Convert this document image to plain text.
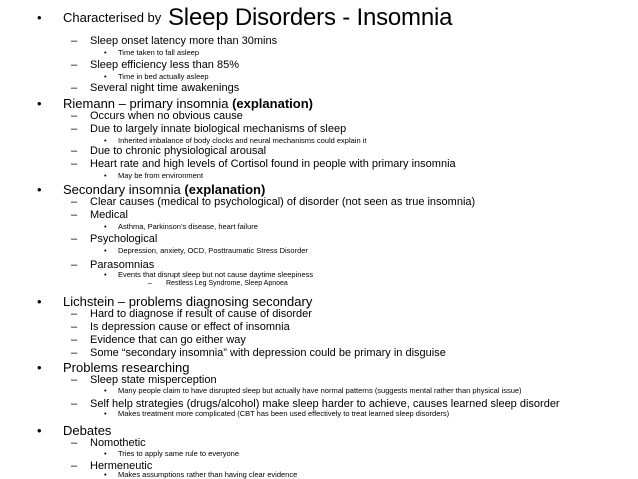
Sleep Disorders - Insomnia
• Characterised by
– Sleep onset latency more than 30mins
• Time taken to fall asleep
– Sleep efficiency less than 85%
• Time in bed actually asleep
– Several night time awakenings
• Riemann – primary insomnia (explanation)
– Occurs when no obvious cause
– Due to largely innate biological mechanisms of sleep
• Inherited imbalance of body clocks and neural mechanisms could explain it
– Due to chronic physiological arousal
– Heart rate and high levels of Cortisol found in people with primary insomnia
• May be from environment
• Secondary insomnia (explanation)
– Clear causes (medical to psychological) of disorder (not seen as true insomnia)
– Medical
• Asthma, Parkinson’s disease, heart failure
– Psychological
• Depression, anxiety, OCD, Posttraumatic Stress Disorder
– Parasomnias
• Events that disrupt sleep but not cause daytime sleepiness
– Restless Leg Syndrome, Sleep Apnoea
• Lichstein – problems diagnosing secondary
– Hard to diagnose if result of cause of disorder
– Is depression cause or effect of insomnia
– Evidence that can go either way
– Some “secondary insomnia” with depression could be primary in disguise
• Problems researching
– Sleep state misperception
• Many people claim to have disrupted sleep but actually have normal patterns (suggests mental rather than physical issue)
– Self help strategies (drugs/alcohol) make sleep harder to achieve, causes learned sleep disorder
• Makes treatment more complicated (CBT has been used effectively to treat learned sleep disorders)
• Debates
– Nomothetic
• Tries to apply same rule to everyone
– Hermeneutic
• Makes assumptions rather than having clear evidence
